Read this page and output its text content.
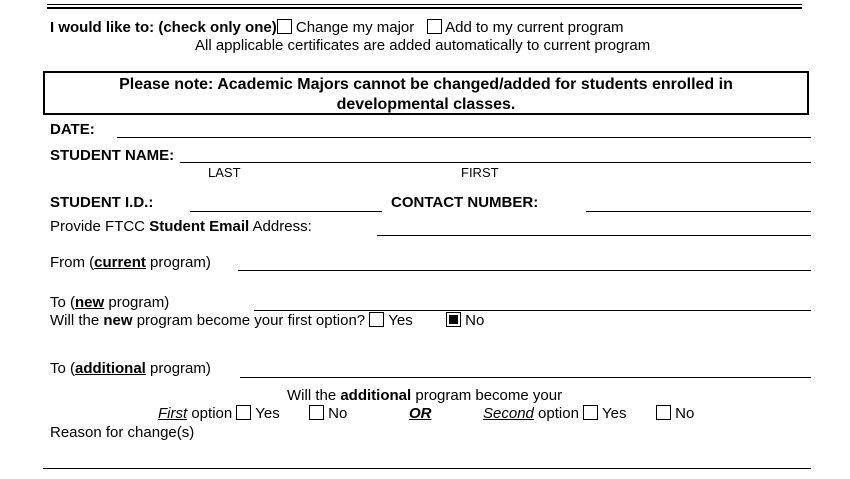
I would like to: (check only one) Change my major Add to my current program
All applicable certificates are added automatically to current program
Please note: Academic Majors cannot be changed/added for students enrolled in
developmental classes.
DATE:
STUDENT NAME:
LAST	FIRST
STUDENT I.D.:	CONTACT NUMBER:
Provide FTCC Student Email Address:
From (current program)
To (new program)
Will the new program become your first option? Yes	No
To (additional program)
Will the additional program become your
First option Yes	No	OR	Second option Yes	No
Reason for change(s)
